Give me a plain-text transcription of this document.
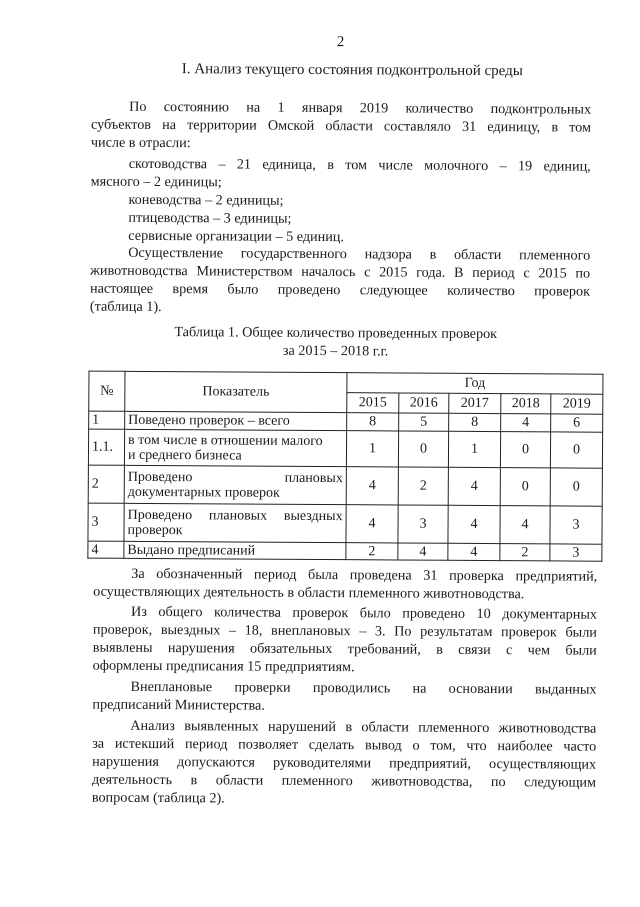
2
I. Анализ текущего состояния подконтрольной среды
По состоянию на 1 января 2019 количество подконтрольных
субъектов на территории Омской области составляло 31 единицу, в том
числе в отрасли:
скотоводства – 21 единица, в том числе молочного – 19 единиц,
мясного – 2 единицы;
коневодства – 2 единицы;
птицеводства – 3 единицы;
сервисные организации – 5 единиц.
Осуществление государственного надзора в области племенного
животноводства Министерством началось с 2015 года. В период с 2015 по
настоящее время было проведено следующее количество проверок
(таблица 1).
Таблица 1. Общее количество проведенных проверок
за 2015 – 2018 г.г.
№	Показатель	Год				
		2015	2016	2017	2018	2019
1	Поведено проверок – всего	8	5	8	4	6
1.1.	в том числе в отношении малого
и среднего бизнеса	1	0	1	0	0
2	Проведено плановых
документарных проверок	4	2	4	0	0
3	Проведено плановых выездных
проверок	4	3	4	4	3
4	Выдано предписаний	2	4	4	2	3
За обозначенный период была проведена 31 проверка предприятий,
осуществляющих деятельность в области племенного животноводства.
Из общего количества проверок было проведено 10 документарных
проверок, выездных – 18, внеплановых – 3. По результатам проверок были
выявлены нарушения обязательных требований, в связи с чем были
оформлены предписания 15 предприятиям.
Внеплановые проверки проводились на основании выданных
предписаний Министерства.
Анализ выявленных нарушений в области племенного животноводства
за истекший период позволяет сделать вывод о том, что наиболее часто
нарушения допускаются руководителями предприятий, осуществляющих
деятельность в области племенного животноводства, по следующим
вопросам (таблица 2).
